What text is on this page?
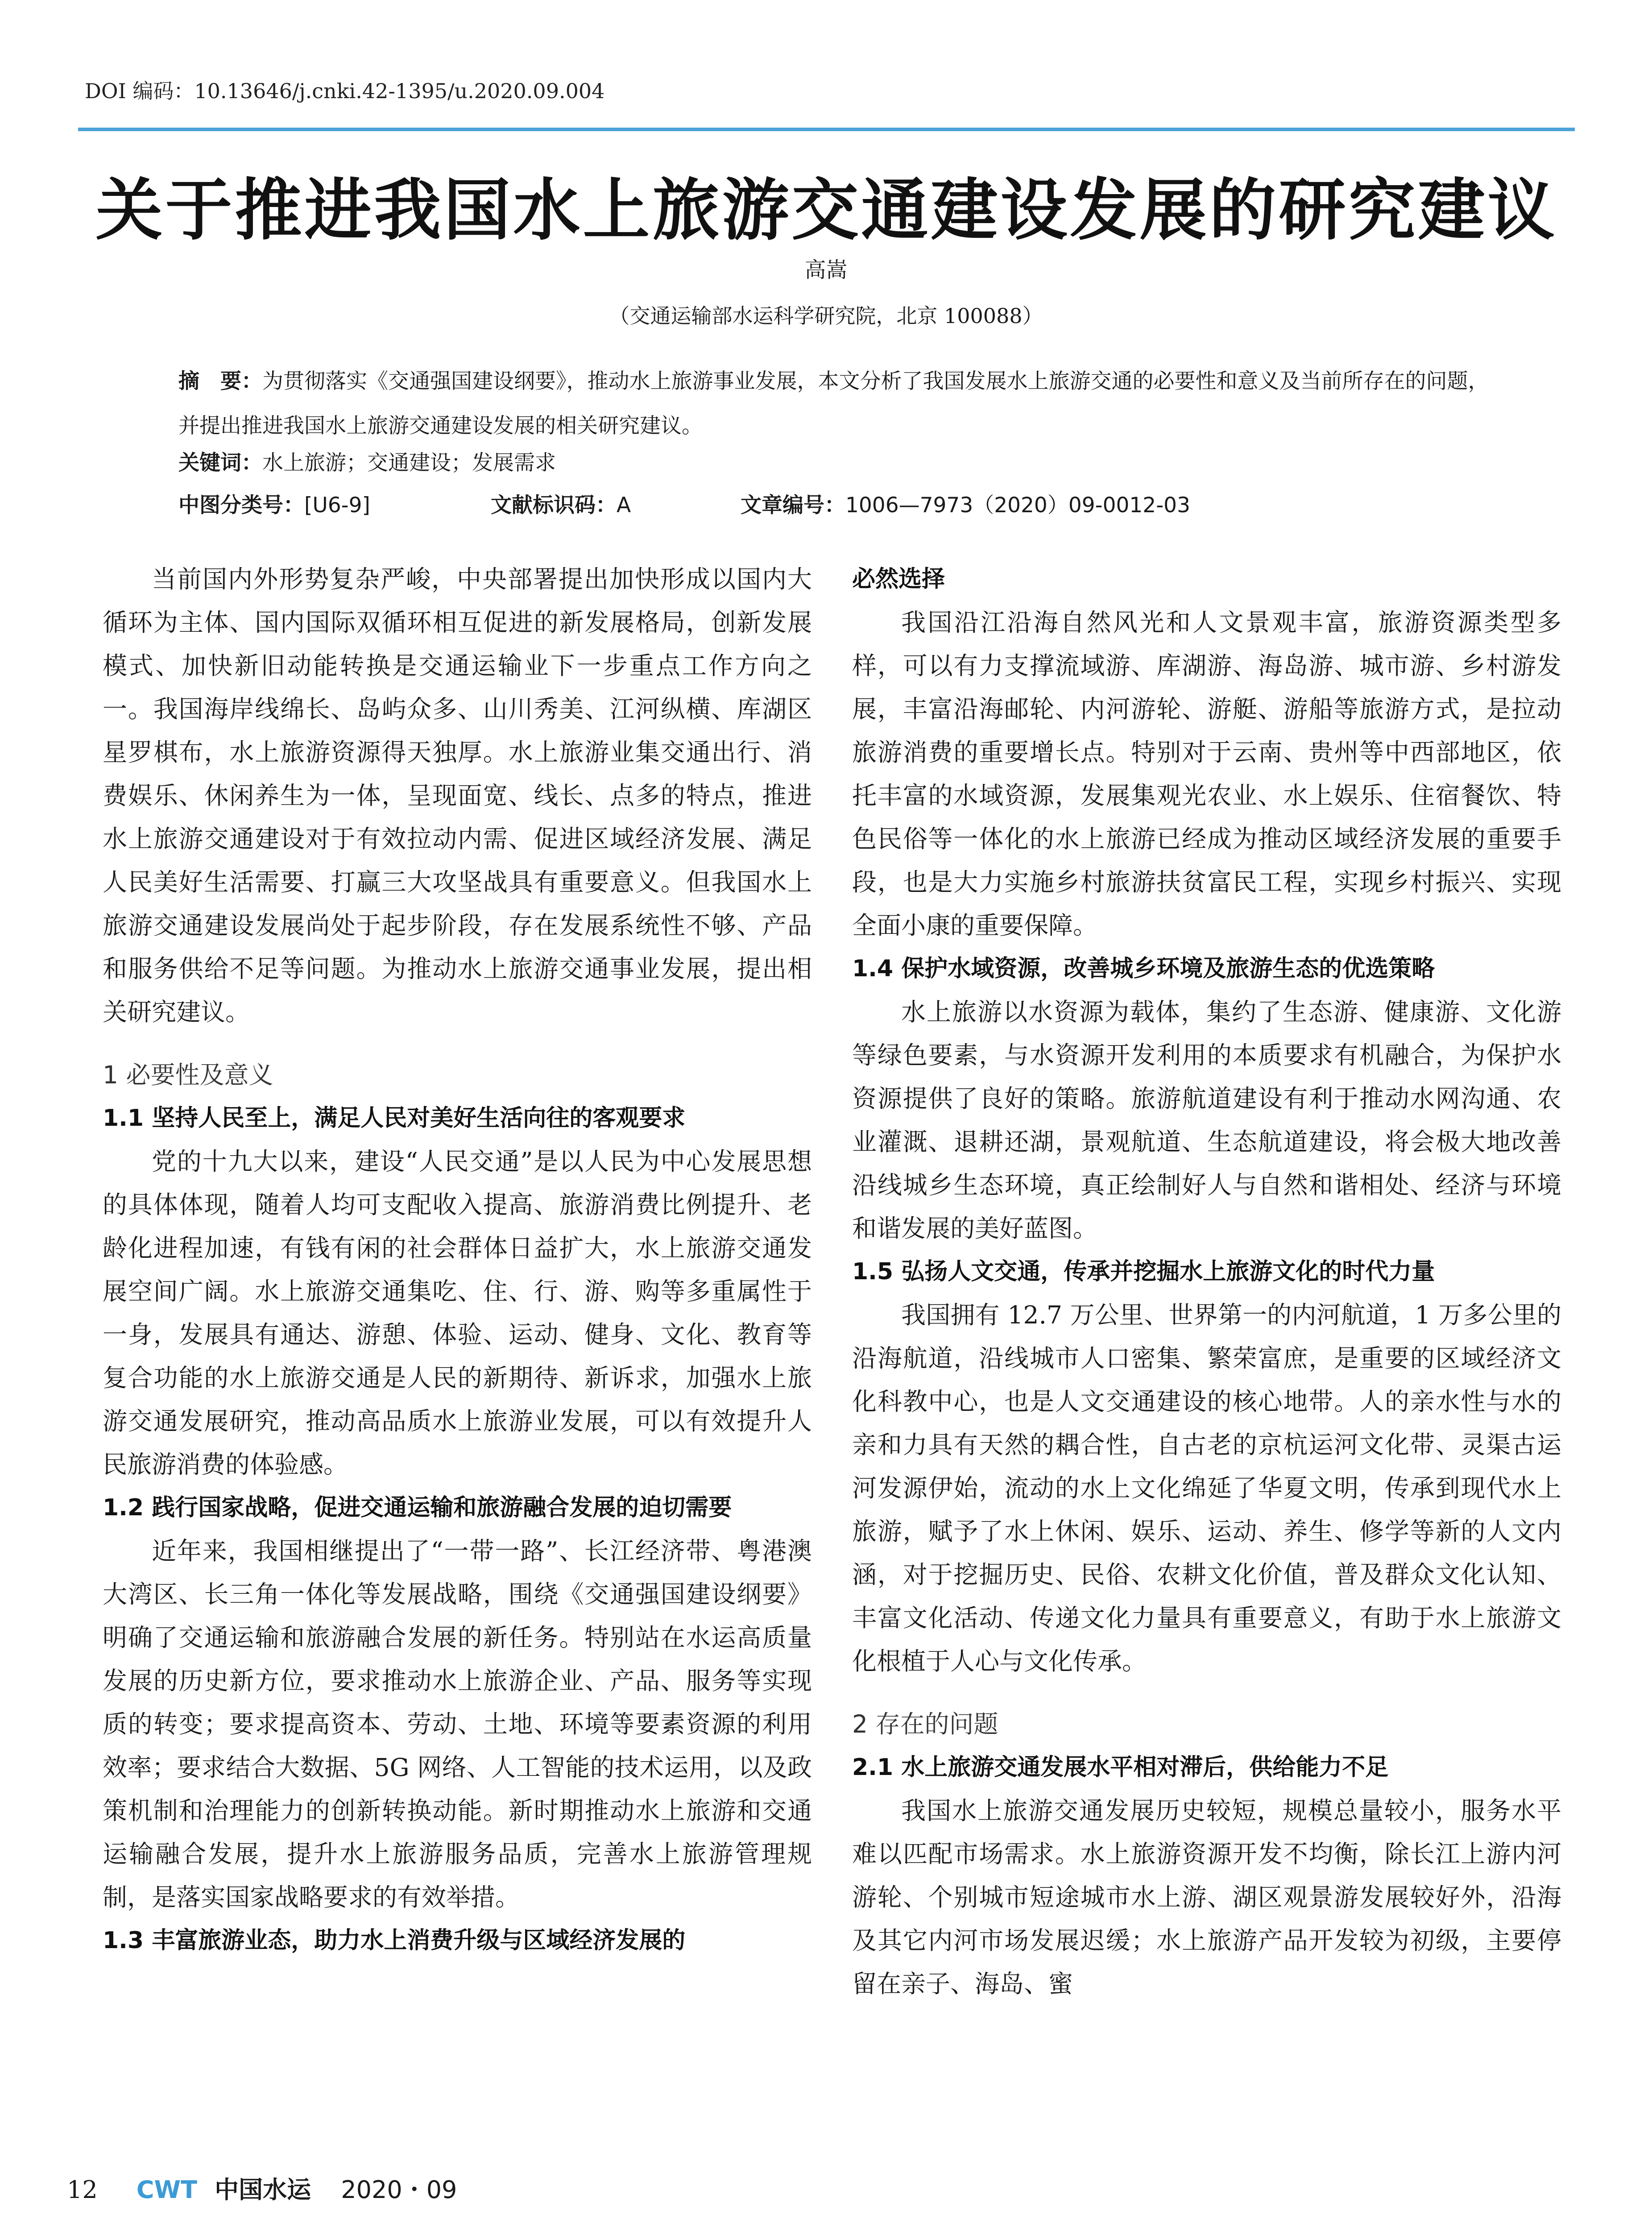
DOI 编码：10.13646/j.cnki.42-1395/u.2020.09.004
关于推进我国水上旅游交通建设发展的研究建议
高嵩
（交通运输部水运科学研究院，北京 100088）
摘　要：为贯彻落实《交通强国建设纲要》，推动水上旅游事业发展，本文分析了我国发展水上旅游交通的必要性和意义及当前所存在的问题，并提出推进我国水上旅游交通建设发展的相关研究建议。
关键词：水上旅游；交通建设；发展需求
中图分类号：[U6-9]	文献标识码：A	文章编号：1006—7973（2020）09-0012-03

当前国内外形势复杂严峻，中央部署提出加快形成以国内大循环为主体、国内国际双循环相互促进的新发展格局，创新发展模式、加快新旧动能转换是交通运输业下一步重点工作方向之一。我国海岸线绵长、岛屿众多、山川秀美、江河纵横、库湖区星罗棋布，水上旅游资源得天独厚。水上旅游业集交通出行、消费娱乐、休闲养生为一体，呈现面宽、线长、点多的特点，推进水上旅游交通建设对于有效拉动内需、促进区域经济发展、满足人民美好生活需要、打赢三大攻坚战具有重要意义。但我国水上旅游交通建设发展尚处于起步阶段，存在发展系统性不够、产品和服务供给不足等问题。为推动水上旅游交通事业发展，提出相关研究建议。

1 必要性及意义
1.1 坚持人民至上，满足人民对美好生活向往的客观要求

党的十九大以来，建设“人民交通”是以人民为中心发展思想的具体体现，随着人均可支配收入提高、旅游消费比例提升、老龄化进程加速，有钱有闲的社会群体日益扩大，水上旅游交通发展空间广阔。水上旅游交通集吃、住、行、游、购等多重属性于一身，发展具有通达、游憩、体验、运动、健身、文化、教育等复合功能的水上旅游交通是人民的新期待、新诉求，加强水上旅游交通发展研究，推动高品质水上旅游业发展，可以有效提升人民旅游消费的体验感。

1.2 践行国家战略，促进交通运输和旅游融合发展的迫切需要

近年来，我国相继提出了“一带一路”、长江经济带、粤港澳大湾区、长三角一体化等发展战略，围绕《交通强国建设纲要》明确了交通运输和旅游融合发展的新任务。特别站在水运高质量发展的历史新方位，要求推动水上旅游企业、产品、服务等实现质的转变；要求提高资本、劳动、土地、环境等要素资源的利用效率；要求结合大数据、5G 网络、人工智能的技术运用，以及政策机制和治理能力的创新转换动能。新时期推动水上旅游和交通运输融合发展，提升水上旅游服务品质，完善水上旅游管理规制，是落实国家战略要求的有效举措。

1.3 丰富旅游业态，助力水上消费升级与区域经济发展的
必然选择

我国沿江沿海自然风光和人文景观丰富，旅游资源类型多样，可以有力支撑流域游、库湖游、海岛游、城市游、乡村游发展，丰富沿海邮轮、内河游轮、游艇、游船等旅游方式，是拉动旅游消费的重要增长点。特别对于云南、贵州等中西部地区，依托丰富的水域资源，发展集观光农业、水上娱乐、住宿餐饮、特色民俗等一体化的水上旅游已经成为推动区域经济发展的重要手段，也是大力实施乡村旅游扶贫富民工程，实现乡村振兴、实现全面小康的重要保障。

1.4 保护水域资源，改善城乡环境及旅游生态的优选策略

水上旅游以水资源为载体，集约了生态游、健康游、文化游等绿色要素，与水资源开发利用的本质要求有机融合，为保护水资源提供了良好的策略。旅游航道建设有利于推动水网沟通、农业灌溉、退耕还湖，景观航道、生态航道建设，将会极大地改善沿线城乡生态环境，真正绘制好人与自然和谐相处、经济与环境和谐发展的美好蓝图。

1.5 弘扬人文交通，传承并挖掘水上旅游文化的时代力量

我国拥有 12.7 万公里、世界第一的内河航道，1 万多公里的沿海航道，沿线城市人口密集、繁荣富庶，是重要的区域经济文化科教中心，也是人文交通建设的核心地带。人的亲水性与水的亲和力具有天然的耦合性，自古老的京杭运河文化带、灵渠古运河发源伊始，流动的水上文化绵延了华夏文明，传承到现代水上旅游，赋予了水上休闲、娱乐、运动、养生、修学等新的人文内涵，对于挖掘历史、民俗、农耕文化价值，普及群众文化认知、丰富文化活动、传递文化力量具有重要意义，有助于水上旅游文化根植于人心与文化传承。

2 存在的问题
2.1 水上旅游交通发展水平相对滞后，供给能力不足

我国水上旅游交通发展历史较短，规模总量较小，服务水平难以匹配市场需求。水上旅游资源开发不均衡，除长江上游内河游轮、个别城市短途城市水上游、湖区观景游发展较好外，沿海及其它内河市场发展迟缓；水上旅游产品开发较为初级，主要停留在亲子、海岛、蜜

12 CWT 中国水运 2020・09
